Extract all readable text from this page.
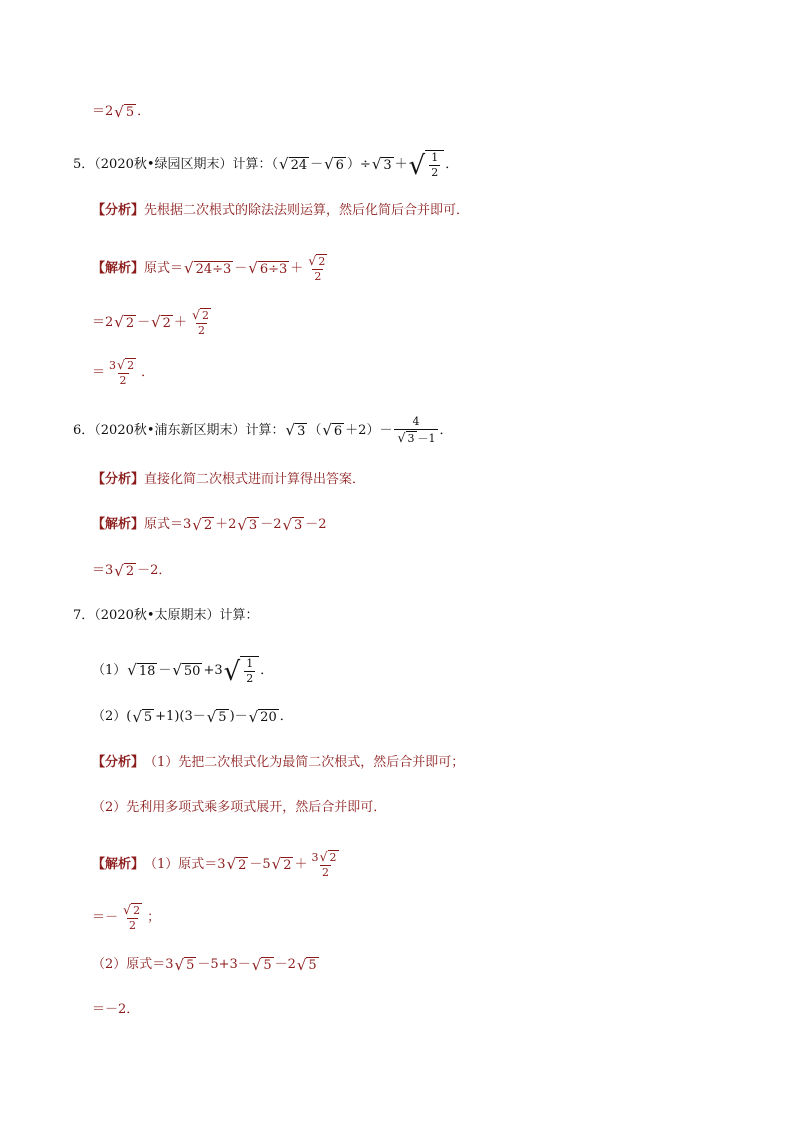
＝2 √ 5 ．
5．（2020秋•绿园区期末）计算：（ √ 24 － √ 6 ）÷ √ 3 ＋ √ $\frac{1}{2}$ ．
【分析】 先根据二次根式的除法法则运算，然后化简后合并即可．
【解析】 原式＝ √ 24÷3 － √ $6\div 3 + \frac{√ 2}{2}$
＝2 √ 2 － √ $2 + \frac{√ 2}{2}$
＝ $\frac{3 √ 2}{2}$ ．
6．（2020秋•浦东新区期末）计算： √ 3 （ √ $6 +2)- \frac{4}{√ 3 -1}$ ．
【分析】 直接化简二次根式进而计算得出答案．
【解析】 原式＝3 √ 2 ＋2 √ 3 －2 √ 3 －2
＝3 √ 2 －2．
7．（2020秋•太原期末）计算：
（1） √ 18 － √ 50 +3 √ $\frac{1}{2}$ ．
（2）( √ 5 +1)(3－ √ 5 )－ √ 20 ．
【分析】 （1）先把二次根式化为最简二次根式，然后合并即可；
（2）先利用多项式乘多项式展开，然后合并即可．
【解析】 （1）原式＝3 √ 2 －5 √ $2 + \frac{3 √ 2}{2}$
＝－ $\frac{√ 2}{2}$ ；
（2）原式＝3 √ 5 －5+3－ √ 5 －2 √ 5
＝－2．
